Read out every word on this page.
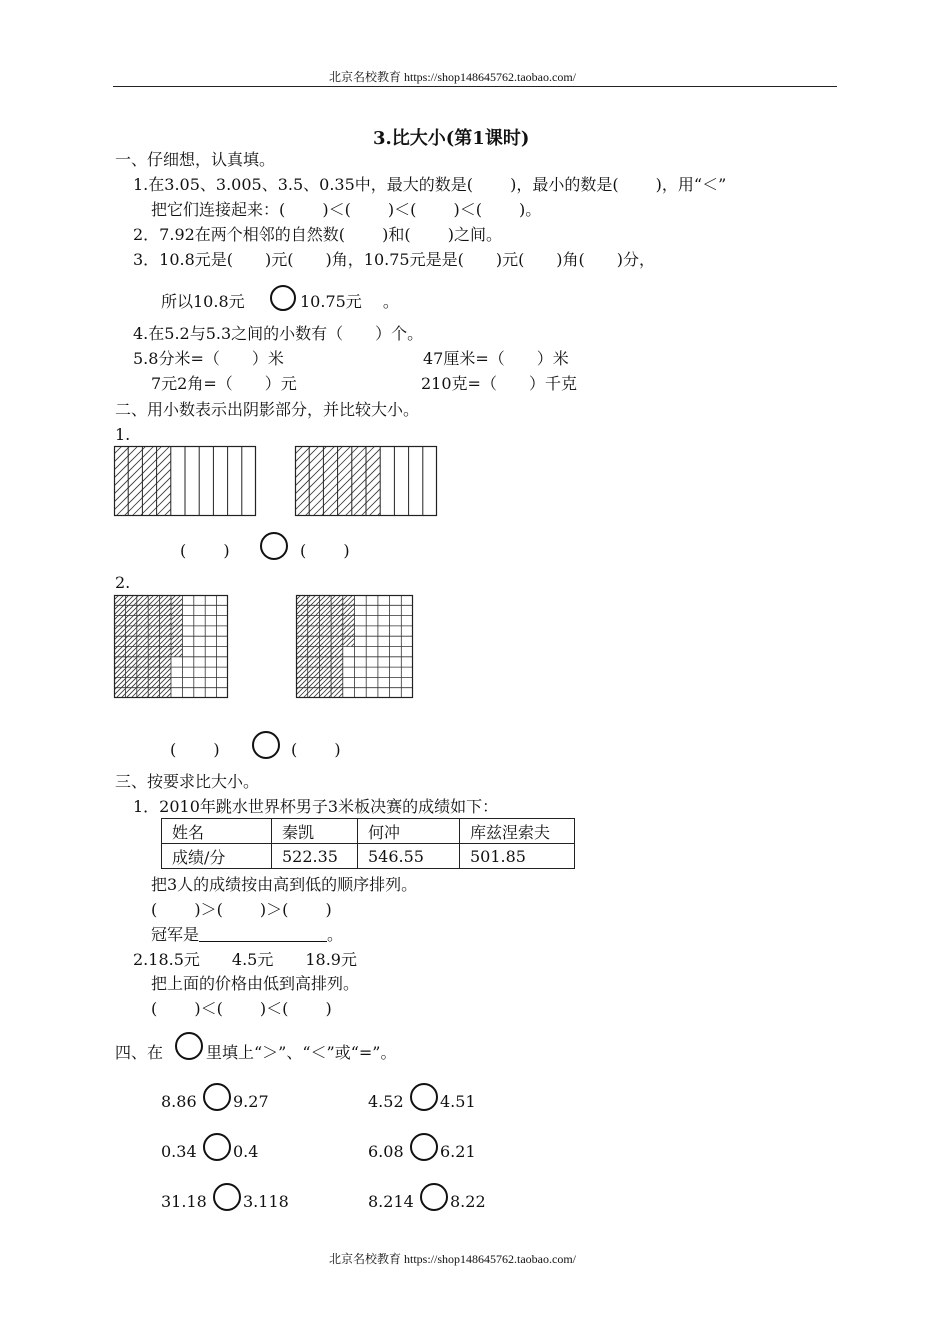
北京名校教育 https://shop148645762.taobao.com/
3.比大小(第1课时)
一、仔细想，认真填。
1.在3.05、3.005、3.5、0.35中，最大的数是(　　 )，最小的数是(　　 )，用“＜”
把它们连接起来：(　　 )＜(　　 )＜(　　 )＜(　　 )。
2．7.92在两个相邻的自然数(　　 )和(　　 )之间。
3．10.8元是(　　)元(　　)角，10.75元是是(　　)元(　　)角(　　)分，
所以10.8元	10.75元　 。
4.在5.2与5.3之间的小数有（　　）个。
5.8分米=（　　）米	47厘米=（　　）米
7元2角=（　　）元	210克=（　　）千克
二、用小数表示出阴影部分，并比较大小。
1.
(　　 )	(　　 )
2.
(　　 )	(　　 )
三、按要求比大小。
1．2010年跳水世界杯男子3米板决赛的成绩如下：
姓名	秦凯	何冲	库兹涅索夫
成绩/分	522.35	546.55	501.85
把3人的成绩按由高到低的顺序排列。
(　　 )＞(　　 )＞(　　 )
冠军是	。
2.18.5元　　4.5元　　18.9元
把上面的价格由低到高排列。
(　　 )＜(　　 )＜(　　 )
四、在	里填上“＞”、“＜”或“=”。
8.86 9.27	4.52 4.51
0.34 0.4	6.08 6.21
31.18 3.118	8.214 8.22
北京名校教育 https://shop148645762.taobao.com/
